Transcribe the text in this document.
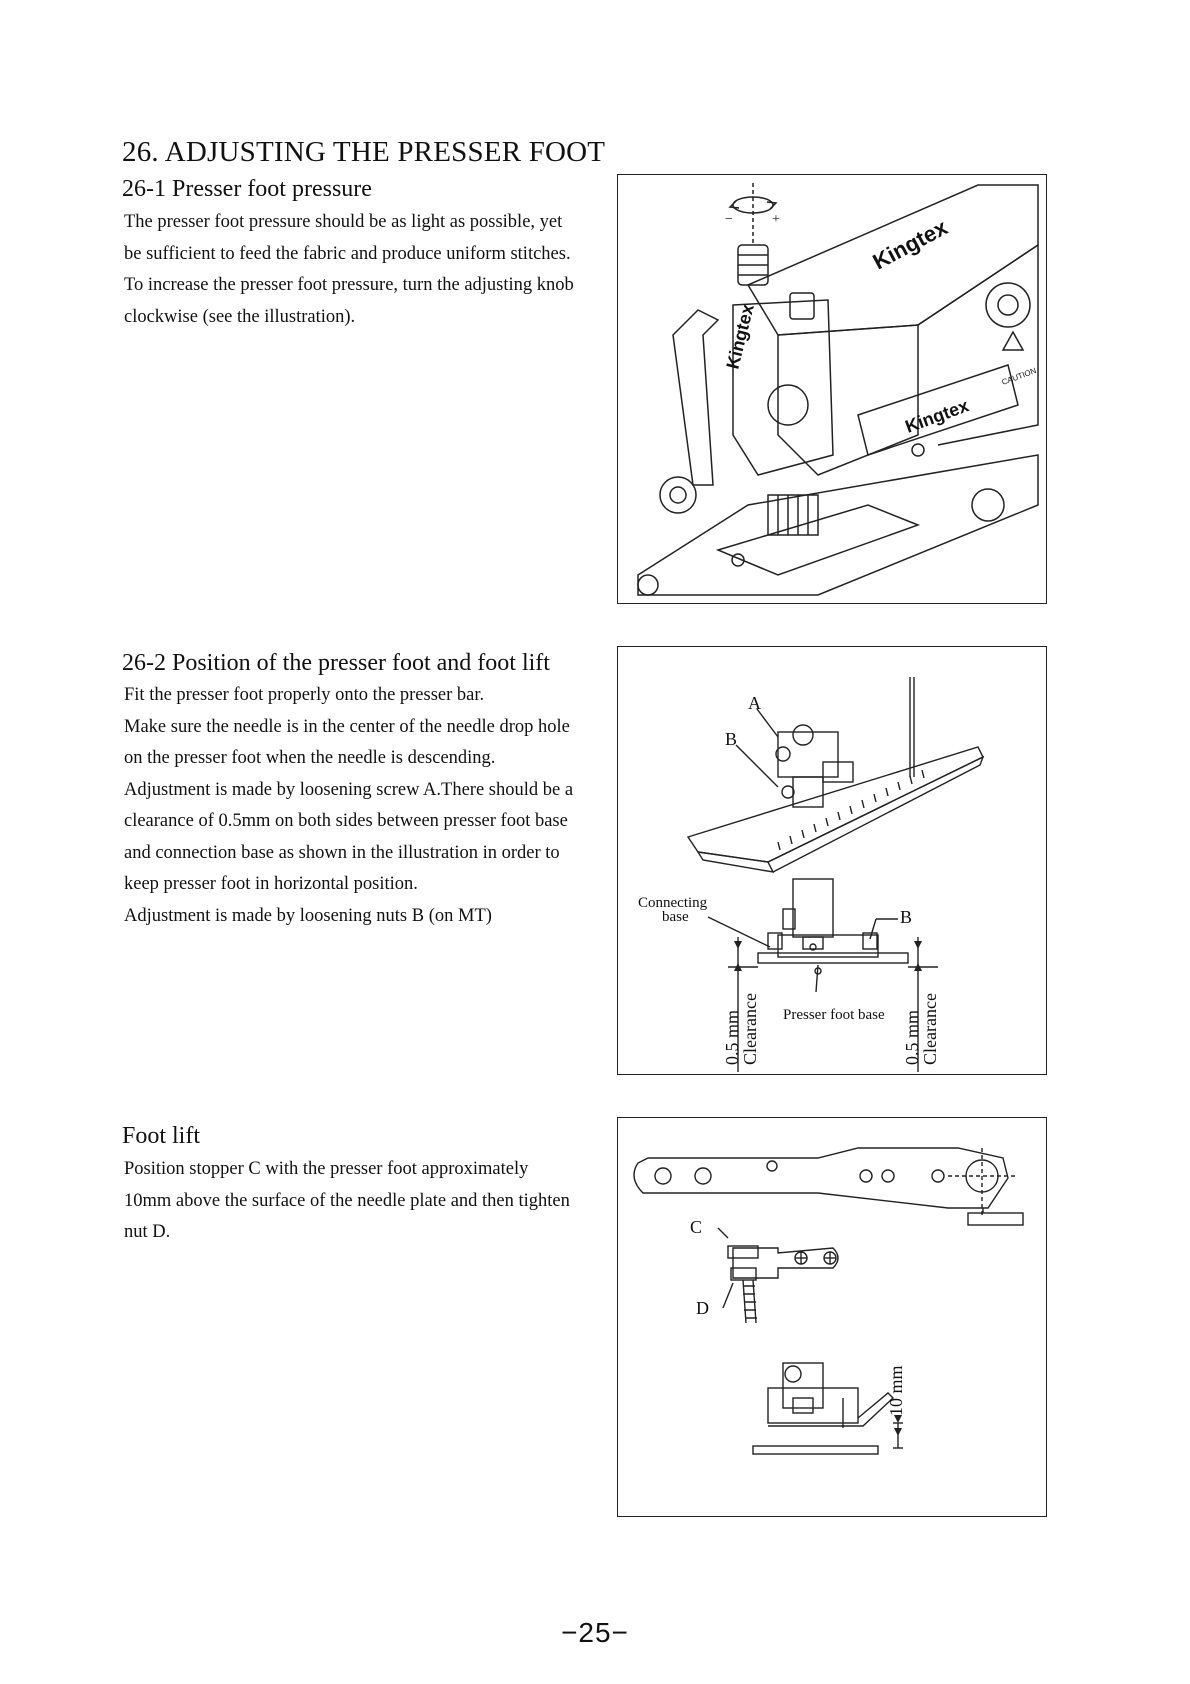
26. ADJUSTING THE PRESSER FOOT
26-1 Presser foot pressure
The presser foot pressure should be as light as possible, yet
be sufficient to feed the fabric and produce uniform stitches.
To increase the presser foot pressure, turn the adjusting knob
clockwise (see the illustration).
−	+	Kingtex
Kingtex
Kingtex
CAUTION
26-2 Position of the presser foot and foot lift
Fit the presser foot properly onto the presser bar.
Make sure the needle is in the center of the needle drop hole
on the presser foot when the needle is descending.
Adjustment is made by loosening screw A.There should be a
clearance of 0.5mm on both sides between presser foot base
and connection base as shown in the illustration in order to
keep presser foot in horizontal position.
Adjustment is made by loosening nuts B (on MT)
A
B
B
Connecting
base
Presser foot base
0.5 mm
Clearance	0.5 mm
Clearance
Foot lift
Position stopper C with the presser foot approximately
10mm above the surface of the needle plate and then tighten
nut D.	C
D
10 mm
−25−
